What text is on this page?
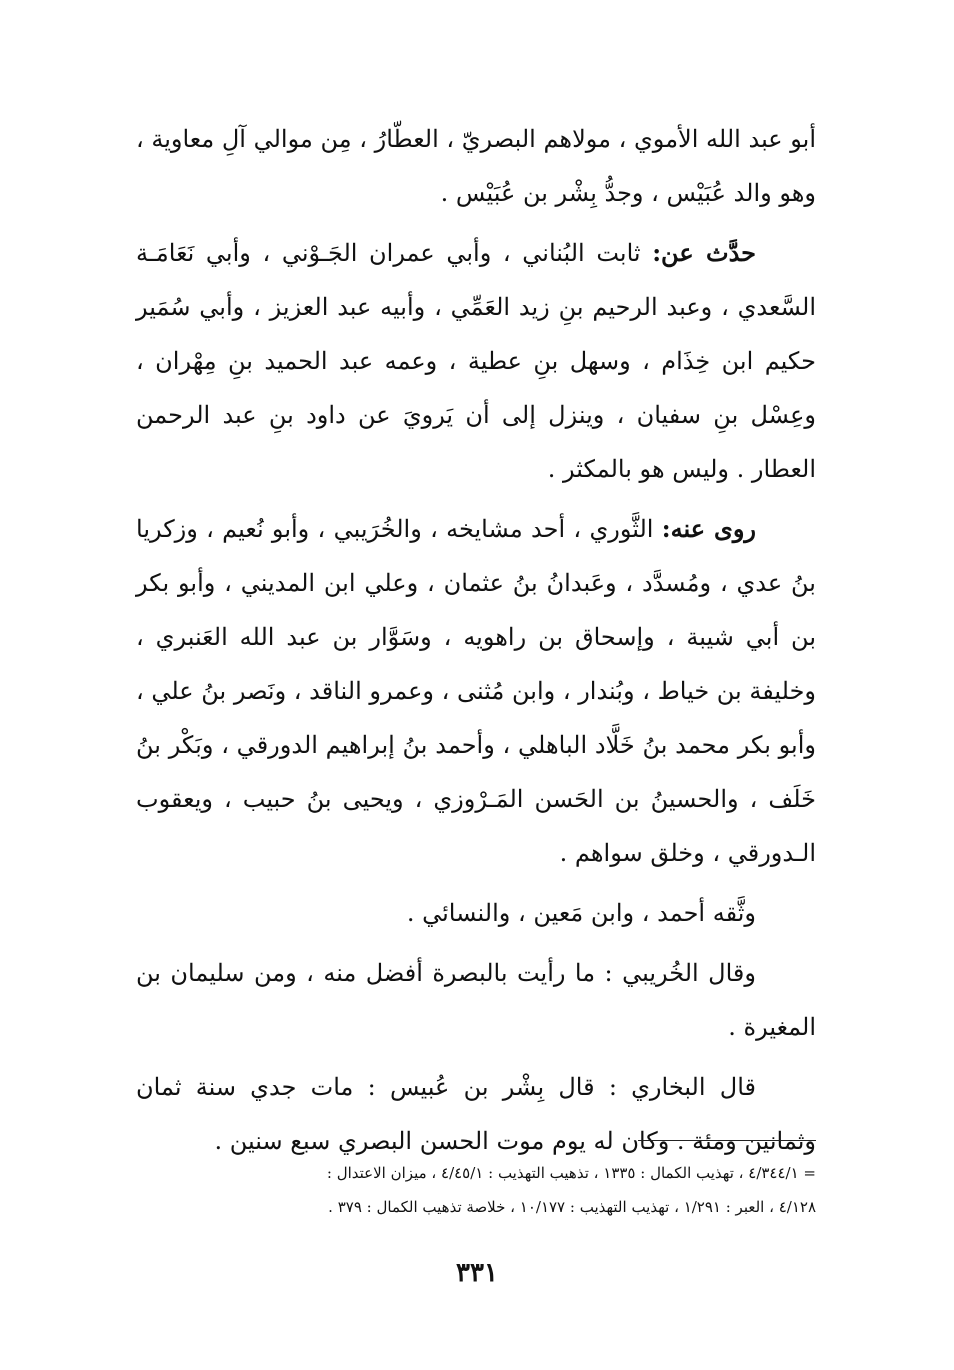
أبو عبد الله الأموي ، مولاهم البصريّ ، العطّارُ ، مِن موالي آلِ معاوية ، وهو والد عُبَيْس ، وجدُّ بِشْر بن عُبَيْس .

حدَّث عن: ثابت البُناني ، وأبي عمران الجَـوْني ، وأبي نَعَامَـة السَّعدي ، وعبد الرحيم بنِ زيد العَمِّي ، وأبيه عبد العزيز ، وأبي سُمَير حكيم ابن خِذَام ، وسهل بنِ عطية ، وعمه عبد الحميد بنِ مِهْران ، وعِسْل بنِ سفيان ، وينزل إلى أن يَرويَ عن داود بنِ عبد الرحمن العطار . وليس هو بالمكثر .

روى عنه: الثَّوري ، أحد مشايخه ، والخُرَيبي ، وأبو نُعيم ، وزكريا بنُ عدي ، ومُسدَّد ، وعَبدانُ بنُ عثمان ، وعلي ابن المديني ، وأبو بكر بن أبي شيبة ، وإسحاق بن راهويه ، وسَوَّار بن عبد الله العَنبري ، وخليفة بن خياط ، وبُندار ، وابن مُثنى ، وعمرو الناقد ، ونَصر بنُ علي ، وأبو بكر محمد بنُ خَلَّاد الباهلي ، وأحمد بنُ إبراهيم الدورقي ، وبَكْر بنُ خَلَف ، والحسينُ بن الحَسن المَـرْوزي ، ويحيى بنُ حبيب ، ويعقوب الـدورقي ، وخلق سواهم .

وثَّقه أحمد ، وابن مَعين ، والنسائي .

وقال الخُريبي : ما رأيت بالبصرة أفضل منه ، ومن سليمان بن المغيرة .

قال البخاري : قال بِشْر بن عُبيس : مات جدي سنة ثمان وثمانين ومئة . وكان له يوم موت الحسن البصري سبع سنين .

= ٤/٣٤٤/١ ، تهذيب الكمال : ١٣٣٥ ، تذهيب التهذيب : ٤/٤٥/١ ، ميزان الاعتدال :
٤/١٢٨ ، العبر : ١/٢٩١ ، تهذيب التهذيب : ١٠/١٧٧ ، خلاصة تذهيب الكمال : ٣٧٩ .
٣٣١
